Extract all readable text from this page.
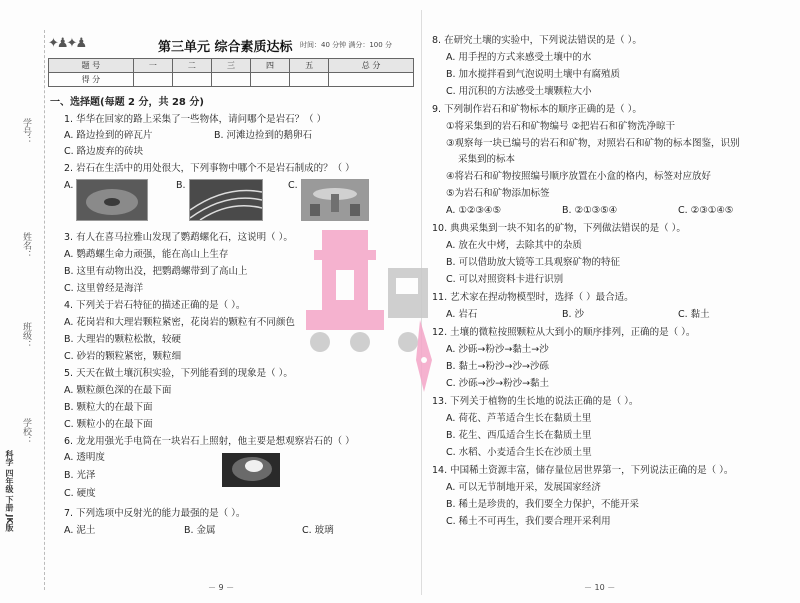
学号：
姓名：
班级：
学校：
科学 四年级 下册 JK版
✦♟✦♟	第三单元 综合素质达标 时间：40 分钟 满分：100 分
题 号	一	二	三	四	五	总 分
得 分						

一、选择题(每题 2 分，共 28 分)

1. 华华在回家的路上采集了一些物体，请问哪个是岩石？（ ）

A. 路边捡到的碎瓦片	B. 河滩边捡到的鹅卵石

C. 路边废弃的砖块

2. 岩石在生活中的用处很大，下列事物中哪个不是岩石制成的？（ ）

A.	B.	C.

3. 有人在喜马拉雅山发现了鹦鹉螺化石，这说明（ ）。

A. 鹦鹉螺生命力顽强，能在高山上生存

B. 这里有动物出没，把鹦鹉螺带到了高山上

C. 这里曾经是海洋

4. 下列关于岩石特征的描述正确的是（ ）。

A. 花岗岩和大理岩颗粒紧密，花岗岩的颗粒有不同颜色

B. 大理岩的颗粒松散，较硬

C. 砂岩的颗粒紧密，颗粒细

5. 天天在做土壤沉积实验，下列能看到的现象是（ ）。

A. 颗粒颜色深的在最下面

B. 颗粒大的在最下面

C. 颗粒小的在最下面

6. 龙龙用强光手电筒在一块岩石上照射，他主要是想观察岩石的（ ）

A. 透明度

B. 光泽

C. 硬度

7. 下列选项中反射光的能力最强的是（ ）。

A. 泥土	B. 金属	C. 玻璃
－ 9 －

8. 在研究土壤的实验中，下列说法错误的是（ ）。

A. 用手捏的方式来感受土壤中的水

B. 加水搅拌看到气泡说明土壤中有腐殖质

C. 用沉积的方法感受土壤颗粒大小

9. 下列制作岩石和矿物标本的顺序正确的是（ ）。

①将采集到的岩石和矿物编号 ②把岩石和矿物洗净晾干

③观察每一块已编号的岩石和矿物，对照岩石和矿物的标本图鉴，识别

采集到的标本

④将岩石和矿物按照编号顺序放置在小盒的格内，标签对应放好

⑤为岩石和矿物添加标签

A. ①②③④⑤	B. ②①③⑤④	C. ②③①④⑤

10. 典典采集到一块不知名的矿物，下列做法错误的是（ ）。

A. 放在火中烤，去除其中的杂质

B. 可以借助放大镜等工具观察矿物的特征

C. 可以对照资料卡进行识别

11. 艺术家在捏动物模型时，选择（ ）最合适。

A. 岩石	B. 沙	C. 黏土

12. 土壤的微粒按照颗粒从大到小的顺序排列，正确的是（ ）。

A. 沙砾→粉沙→黏土→沙

B. 黏土→粉沙→沙→沙砾

C. 沙砾→沙→粉沙→黏土

13. 下列关于植物的生长地的说法正确的是（ ）。

A. 荷花、芦苇适合生长在黏质土里

B. 花生、西瓜适合生长在黏质土里

C. 水稻、小麦适合生长在沙质土里

14. 中国稀土资源丰富，储存量位居世界第一，下列说法正确的是（ ）。

A. 可以无节制地开采，发展国家经济

B. 稀土是珍贵的，我们要全力保护，不能开采

C. 稀土不可再生，我们要合理开采利用

－ 10 －
